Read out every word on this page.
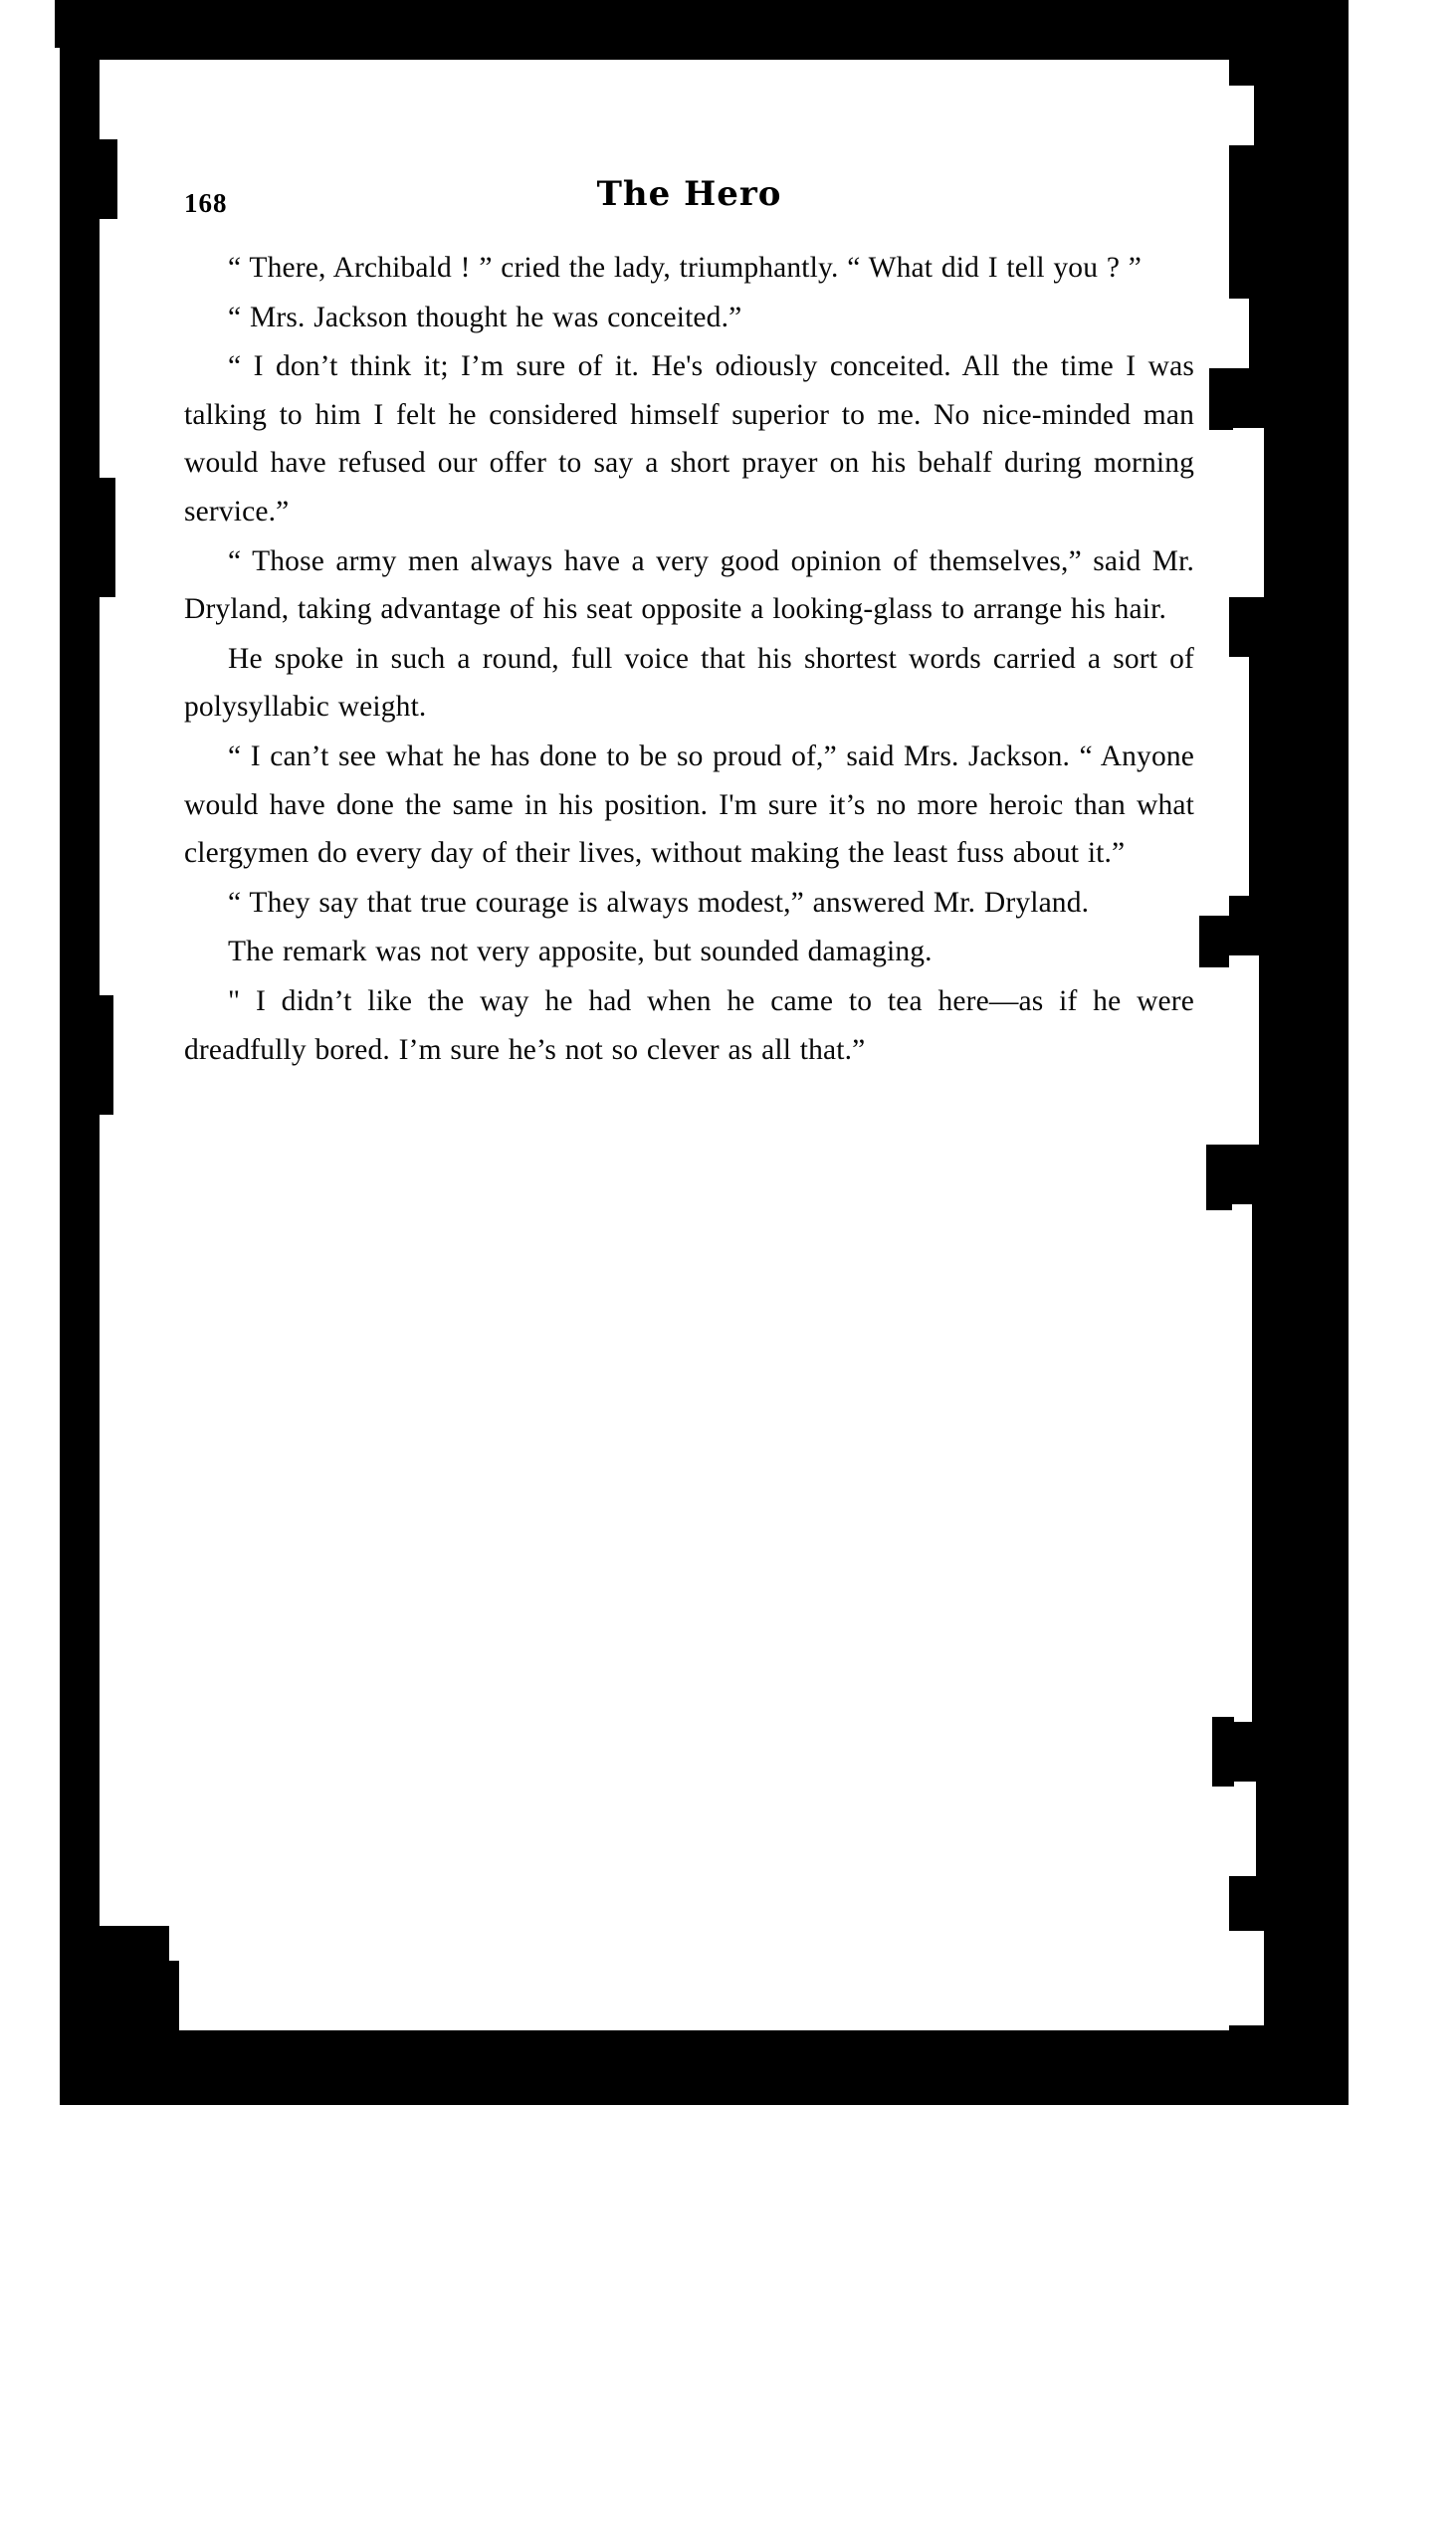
168	The Hero

“ There, Archibald ! ” cried the lady, triumphantly. “ What did I tell you ? ”

“ Mrs. Jackson thought he was conceited.”

“ I don’t think it; I’m sure of it. He's odiously conceited. All the time I was talking to him I felt he considered himself superior to me. No nice-minded man would have refused our offer to say a short prayer on his behalf during morning service.”

“ Those army men always have a very good opinion of themselves,” said Mr. Dryland, taking advantage of his seat opposite a looking-glass to arrange his hair.

He spoke in such a round, full voice that his shortest words carried a sort of polysyllabic weight.

“ I can’t see what he has done to be so proud of,” said Mrs. Jackson. “ Anyone would have done the same in his position. I'm sure it’s no more heroic than what clergymen do every day of their lives, without making the least fuss about it.”

“ They say that true courage is always modest,” answered Mr. Dryland.

The remark was not very apposite, but sounded damaging.

" I didn’t like the way he had when he came to tea here—as if he were dreadfully bored. I’m sure he’s not so clever as all that.”
